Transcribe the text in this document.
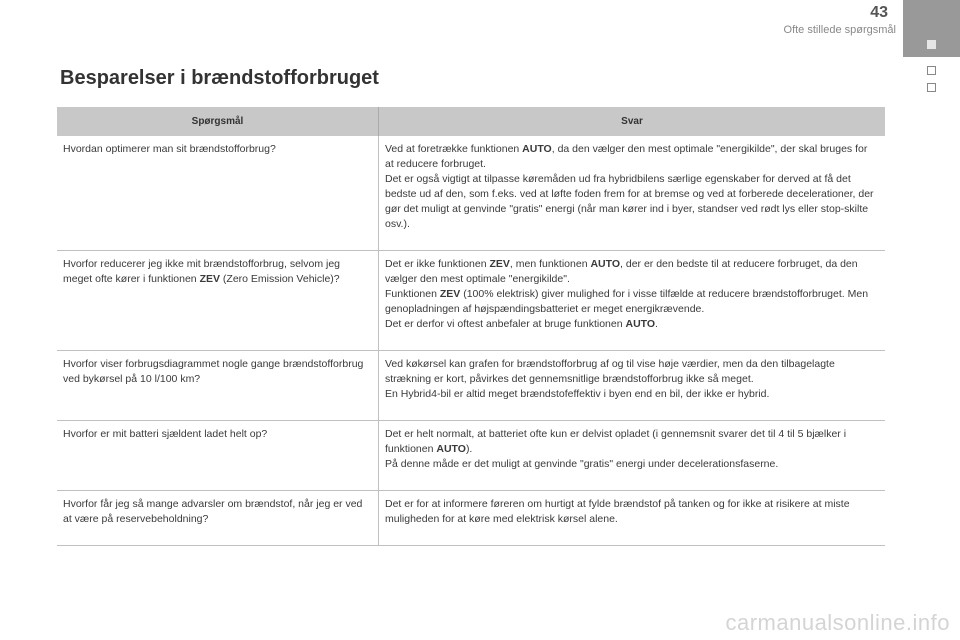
43
Ofte stillede spørgsmål
Besparelser i brændstofforbruget
Spørgsmål	Svar

Hvordan optimerer man sit brændstofforbrug?	Ved at foretrække funktionen AUTO, da den vælger den mest optimale "energikilde", der skal bruges for at reducere forbruget.

Det er også vigtigt at tilpasse køremåden ud fra hybridbilens særlige egenskaber for derved at få det bedste ud af den, som f.eks. ved at løfte foden frem for at bremse og ved at forberede decelerationer, der gør det muligt at genvinde "gratis" energi (når man kører ind i byer, standser ved rødt lys eller stop-skilte osv.).

Hvorfor reducerer jeg ikke mit brændstofforbrug, selvom jeg meget ofte kører i funktionen ZEV (Zero Emission Vehicle)?	Det er ikke funktionen ZEV, men funktionen AUTO, der er den bedste til at reducere forbruget, da den vælger den mest optimale "energikilde".

Funktionen ZEV (100% elektrisk) giver mulighed for i visse tilfælde at reducere brændstofforbruget. Men genopladningen af højspændingsbatteriet er meget energikrævende.

Det er derfor vi oftest anbefaler at bruge funktionen AUTO.

Hvorfor viser forbrugsdiagrammet nogle gange brændstofforbrug ved bykørsel på 10 l/100 km?	Ved køkørsel kan grafen for brændstofforbrug af og til vise høje værdier, men da den tilbagelagte strækning er kort, påvirkes det gennemsnitlige brændstofforbrug ikke så meget.

En Hybrid4-bil er altid meget brændstofeffektiv i byen end en bil, der ikke er hybrid.

Hvorfor er mit batteri sjældent ladet helt op?	Det er helt normalt, at batteriet ofte kun er delvist opladet (i gennemsnit svarer det til 4 til 5 bjælker i funktionen AUTO).

På denne måde er det muligt at genvinde "gratis" energi under decelerationsfaserne.

Hvorfor får jeg så mange advarsler om brændstof, når jeg er ved at være på reservebeholdning?	Det er for at informere føreren om hurtigt at fylde brændstof på tanken og for ikke at risikere at miste muligheden for at køre med elektrisk kørsel alene.

carmanualsonline.info
